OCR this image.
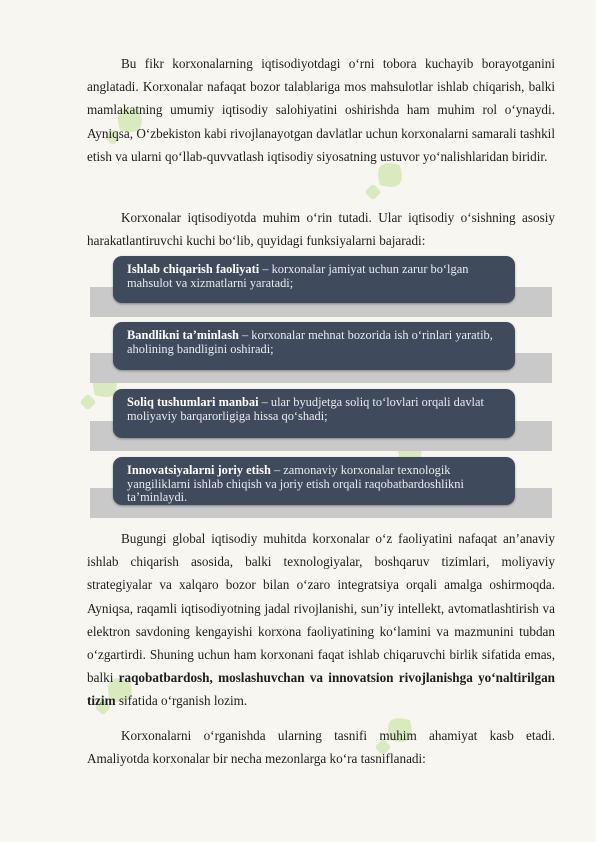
Bu fikr korxonalarning iqtisodiyotdagi o‘rni tobora kuchayib borayotganini anglatadi. Korxonalar nafaqat bozor talablariga mos mahsulotlar ishlab chiqarish, balki mamlakatning umumiy iqtisodiy salohiyatini oshirishda ham muhim rol o‘ynaydi. Ayniqsa, O‘zbekiston kabi rivojlanayotgan davlatlar uchun korxonalarni samarali tashkil etish va ularni qo‘llab-quvvatlash iqtisodiy siyosatning ustuvor yo‘nalishlaridan biridir.

Korxonalar iqtisodiyotda muhim o‘rin tutadi. Ular iqtisodiy o‘sishning asosiy harakatlantiruvchi kuchi bo‘lib, quyidagi funksiyalarni bajaradi:

Ishlab chiqarish faoliyati – korxonalar jamiyat uchun zarur bo‘lgan mahsulot va xizmatlarni yaratadi;
Bandlikni ta’minlash – korxonalar mehnat bozorida ish o‘rinlari yaratib, aholining bandligini oshiradi;
Soliq tushumlari manbai – ular byudjetga soliq to‘lovlari orqali davlat moliyaviy barqarorligiga hissa qo‘shadi;
Innovatsiyalarni joriy etish – zamonaviy korxonalar texnologik yangiliklarni ishlab chiqish va joriy etish orqali raqobatbardoshlikni ta’minlaydi.

Bugungi global iqtisodiy muhitda korxonalar o‘z faoliyatini nafaqat an’anaviy ishlab chiqarish asosida, balki texnologiyalar, boshqaruv tizimlari, moliyaviy strategiyalar va xalqaro bozor bilan o‘zaro integratsiya orqali amalga oshirmoqda. Ayniqsa, raqamli iqtisodiyotning jadal rivojlanishi, sun’iy intellekt, avtomatlashtirish va elektron savdoning kengayishi korxona faoliyatining ko‘lamini va mazmunini tubdan o‘zgartirdi. Shuning uchun ham korxonani faqat ishlab chiqaruvchi birlik sifatida emas, balki raqobatbardosh, moslashuvchan va innovatsion rivojlanishga yo‘naltirilgan tizim sifatida o‘rganish lozim.

Korxonalarni o‘rganishda ularning tasnifi muhim ahamiyat kasb etadi. Amaliyotda korxonalar bir necha mezonlarga ko‘ra tasniflanadi:
